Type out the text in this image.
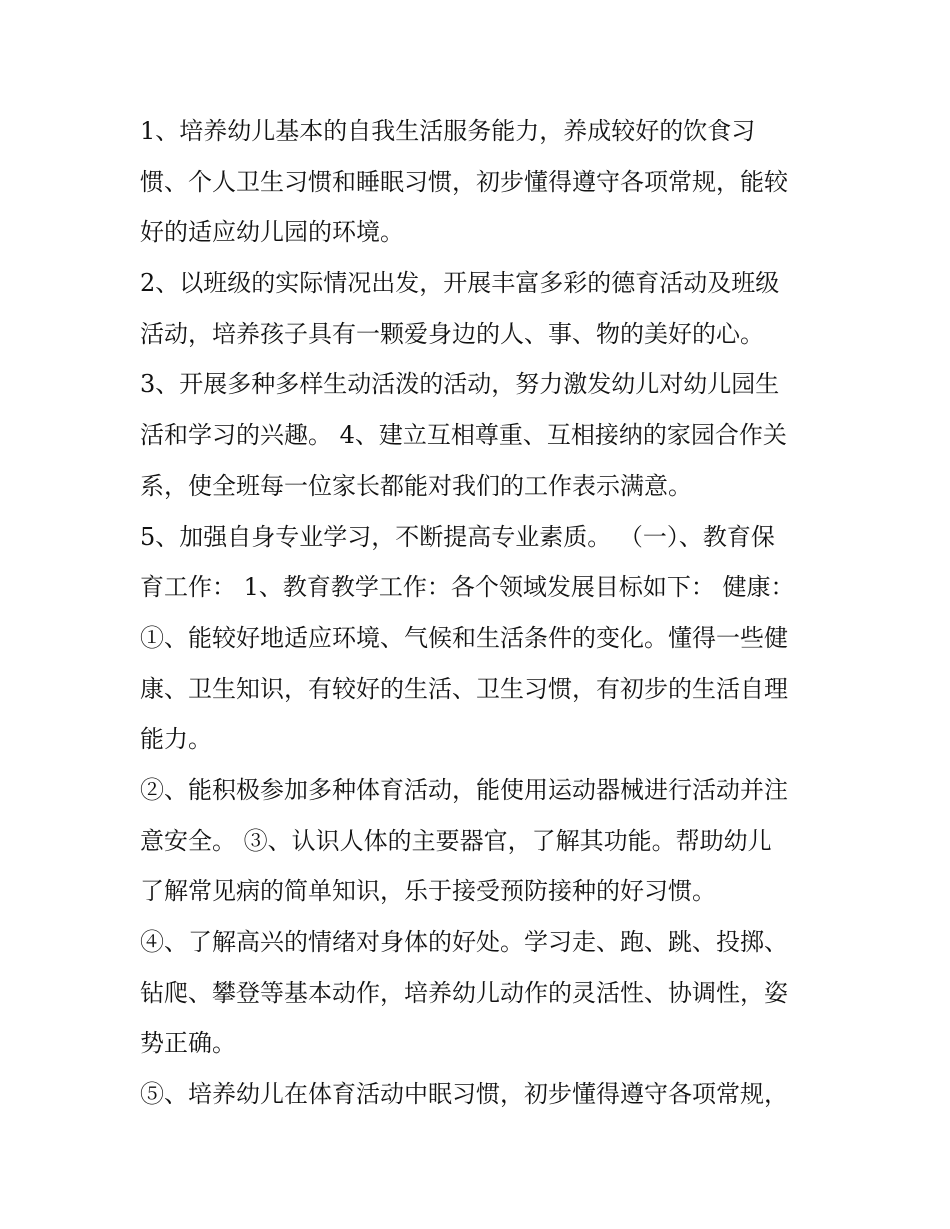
1、培养幼儿基本的自我生活服务能力，养成较好的饮食习
惯、个人卫生习惯和睡眠习惯，初步懂得遵守各项常规，能较
好的适应幼儿园的环境。
2、以班级的实际情况出发，开展丰富多彩的德育活动及班级
活动，培养孩子具有一颗爱身边的人、事、物的美好的心。
3、开展多种多样生动活泼的活动，努力激发幼儿对幼儿园生
活和学习的兴趣。 4、建立互相尊重、互相接纳的家园合作关
系，使全班每一位家长都能对我们的工作表示满意。
5、加强自身专业学习，不断提高专业素质。 （一）、教育保
育工作： 1、教育教学工作：各个领域发展目标如下： 健康：
①、能较好地适应环境、气候和生活条件的变化。懂得一些健
康、卫生知识，有较好的生活、卫生习惯，有初步的生活自理
能力。
②、能积极参加多种体育活动，能使用运动器械进行活动并注
意安全。 ③、认识人体的主要器官，了解其功能。帮助幼儿
了解常见病的简单知识，乐于接受预防接种的好习惯。
④、了解高兴的情绪对身体的好处。学习走、跑、跳、投掷、
钻爬、攀登等基本动作，培养幼儿动作的灵活性、协调性，姿
势正确。
⑤、培养幼儿在体育活动中眠习惯，初步懂得遵守各项常规，
